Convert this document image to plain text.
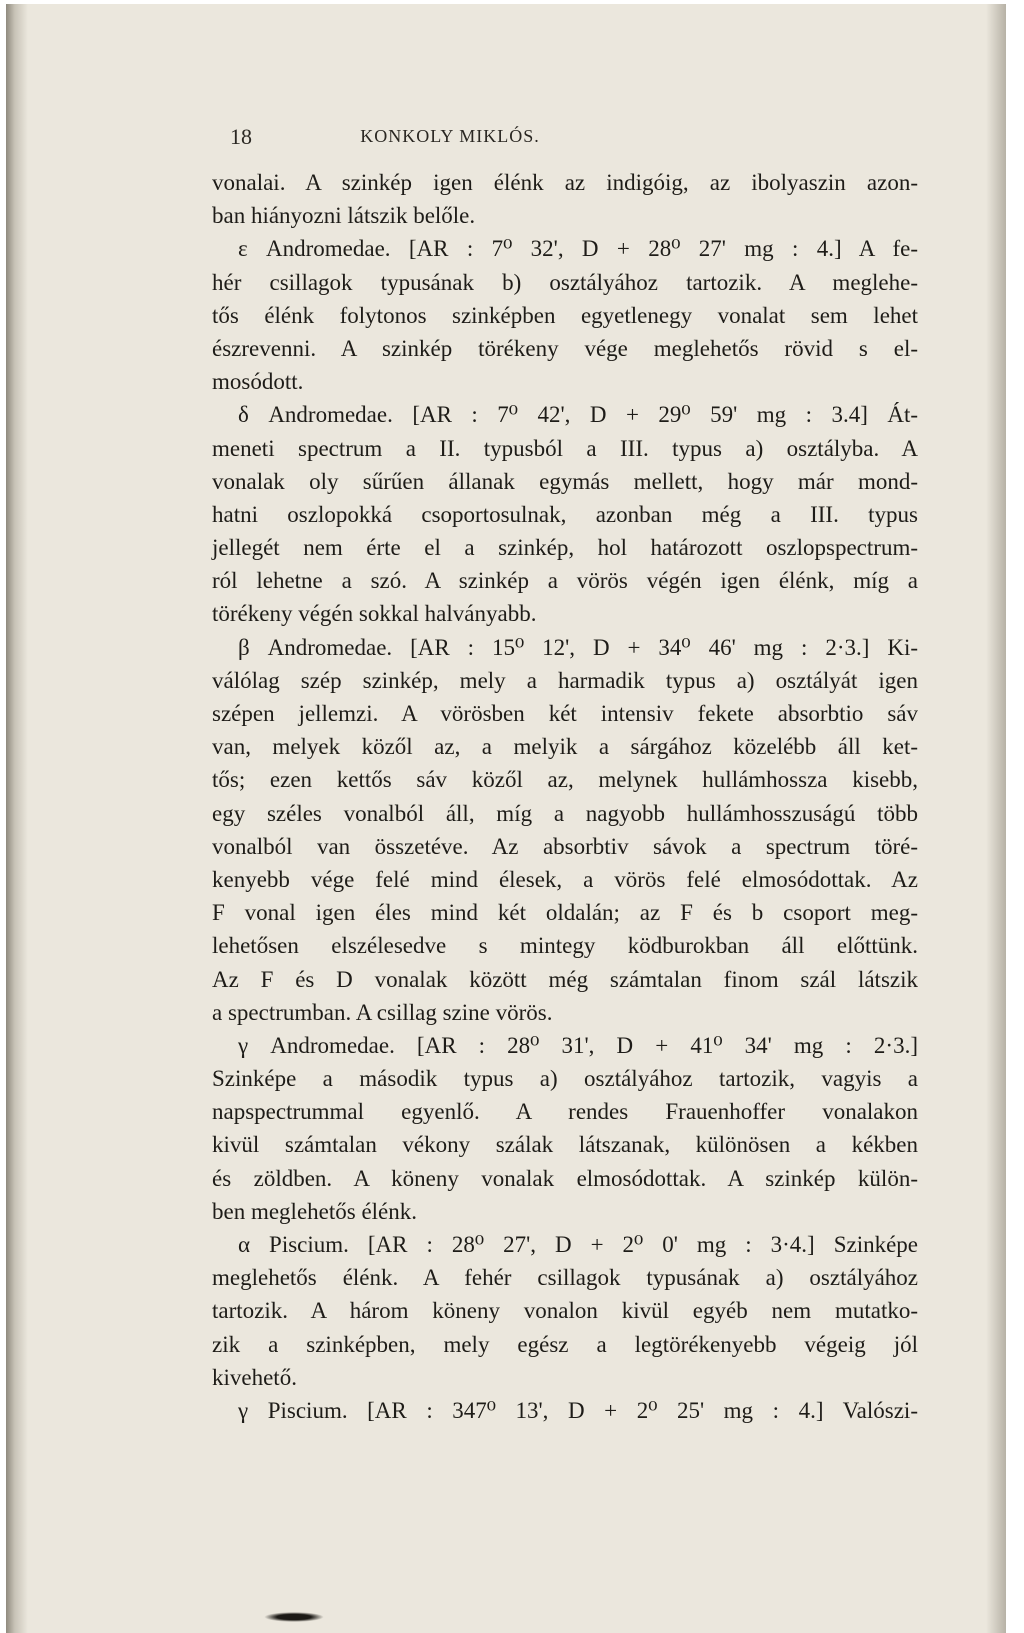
18	KONKOLY MIKLÓS.
vonalai. A szinkép igen élénk az indigóig, az ibolyaszin azon-
ban hiányozni látszik belőle.
ε Andromedae. [AR : 7⁰ 32', D + 28⁰ 27' mg : 4.] A fe-
hér csillagok typusának b) osztályához tartozik. A meglehe-
tős élénk folytonos szinképben egyetlenegy vonalat sem lehet
észrevenni. A szinkép törékeny vége meglehetős rövid s el-
mosódott.
δ Andromedae. [AR : 7⁰ 42', D + 29⁰ 59' mg : 3.4] Át-
meneti spectrum a II. typusból a III. typus a) osztályba. A
vonalak oly sűrűen állanak egymás mellett, hogy már mond-
hatni oszlopokká csoportosulnak, azonban még a III. typus
jellegét nem érte el a szinkép, hol határozott oszlopspectrum-
ról lehetne a szó. A szinkép a vörös végén igen élénk, míg a
törékeny végén sokkal halványabb.
β Andromedae. [AR : 15⁰ 12', D + 34⁰ 46' mg : 2·3.] Ki-
válólag szép szinkép, mely a harmadik typus a) osztályát igen
szépen jellemzi. A vörösben két intensiv fekete absorbtio sáv
van, melyek közől az, a melyik a sárgához közelébb áll ket-
tős; ezen kettős sáv közől az, melynek hullámhossza kisebb,
egy széles vonalból áll, míg a nagyobb hullámhosszuságú több
vonalból van összetéve. Az absorbtiv sávok a spectrum töré-
kenyebb vége felé mind élesek, a vörös felé elmosódottak. Az
F vonal igen éles mind két oldalán; az F és b csoport meg-
lehetősen elszélesedve s mintegy ködburokban áll előttünk.
Az F és D vonalak között még számtalan finom szál látszik
a spectrumban. A csillag szine vörös.
γ Andromedae. [AR : 28⁰ 31', D + 41⁰ 34' mg : 2·3.]
Szinképe a második typus a) osztályához tartozik, vagyis a
napspectrummal egyenlő. A rendes Frauenhoffer vonalakon
kivül számtalan vékony szálak látszanak, különösen a kékben
és zöldben. A köneny vonalak elmosódottak. A szinkép külön-
ben meglehetős élénk.
α Piscium. [AR : 28⁰ 27', D + 2⁰ 0' mg : 3·4.] Szinképe
meglehetős élénk. A fehér csillagok typusának a) osztályához
tartozik. A három köneny vonalon kivül egyéb nem mutatko-
zik a szinképben, mely egész a legtörékenyebb végeig jól
kivehető.
γ Piscium. [AR : 347⁰ 13', D + 2⁰ 25' mg : 4.] Valószi-
